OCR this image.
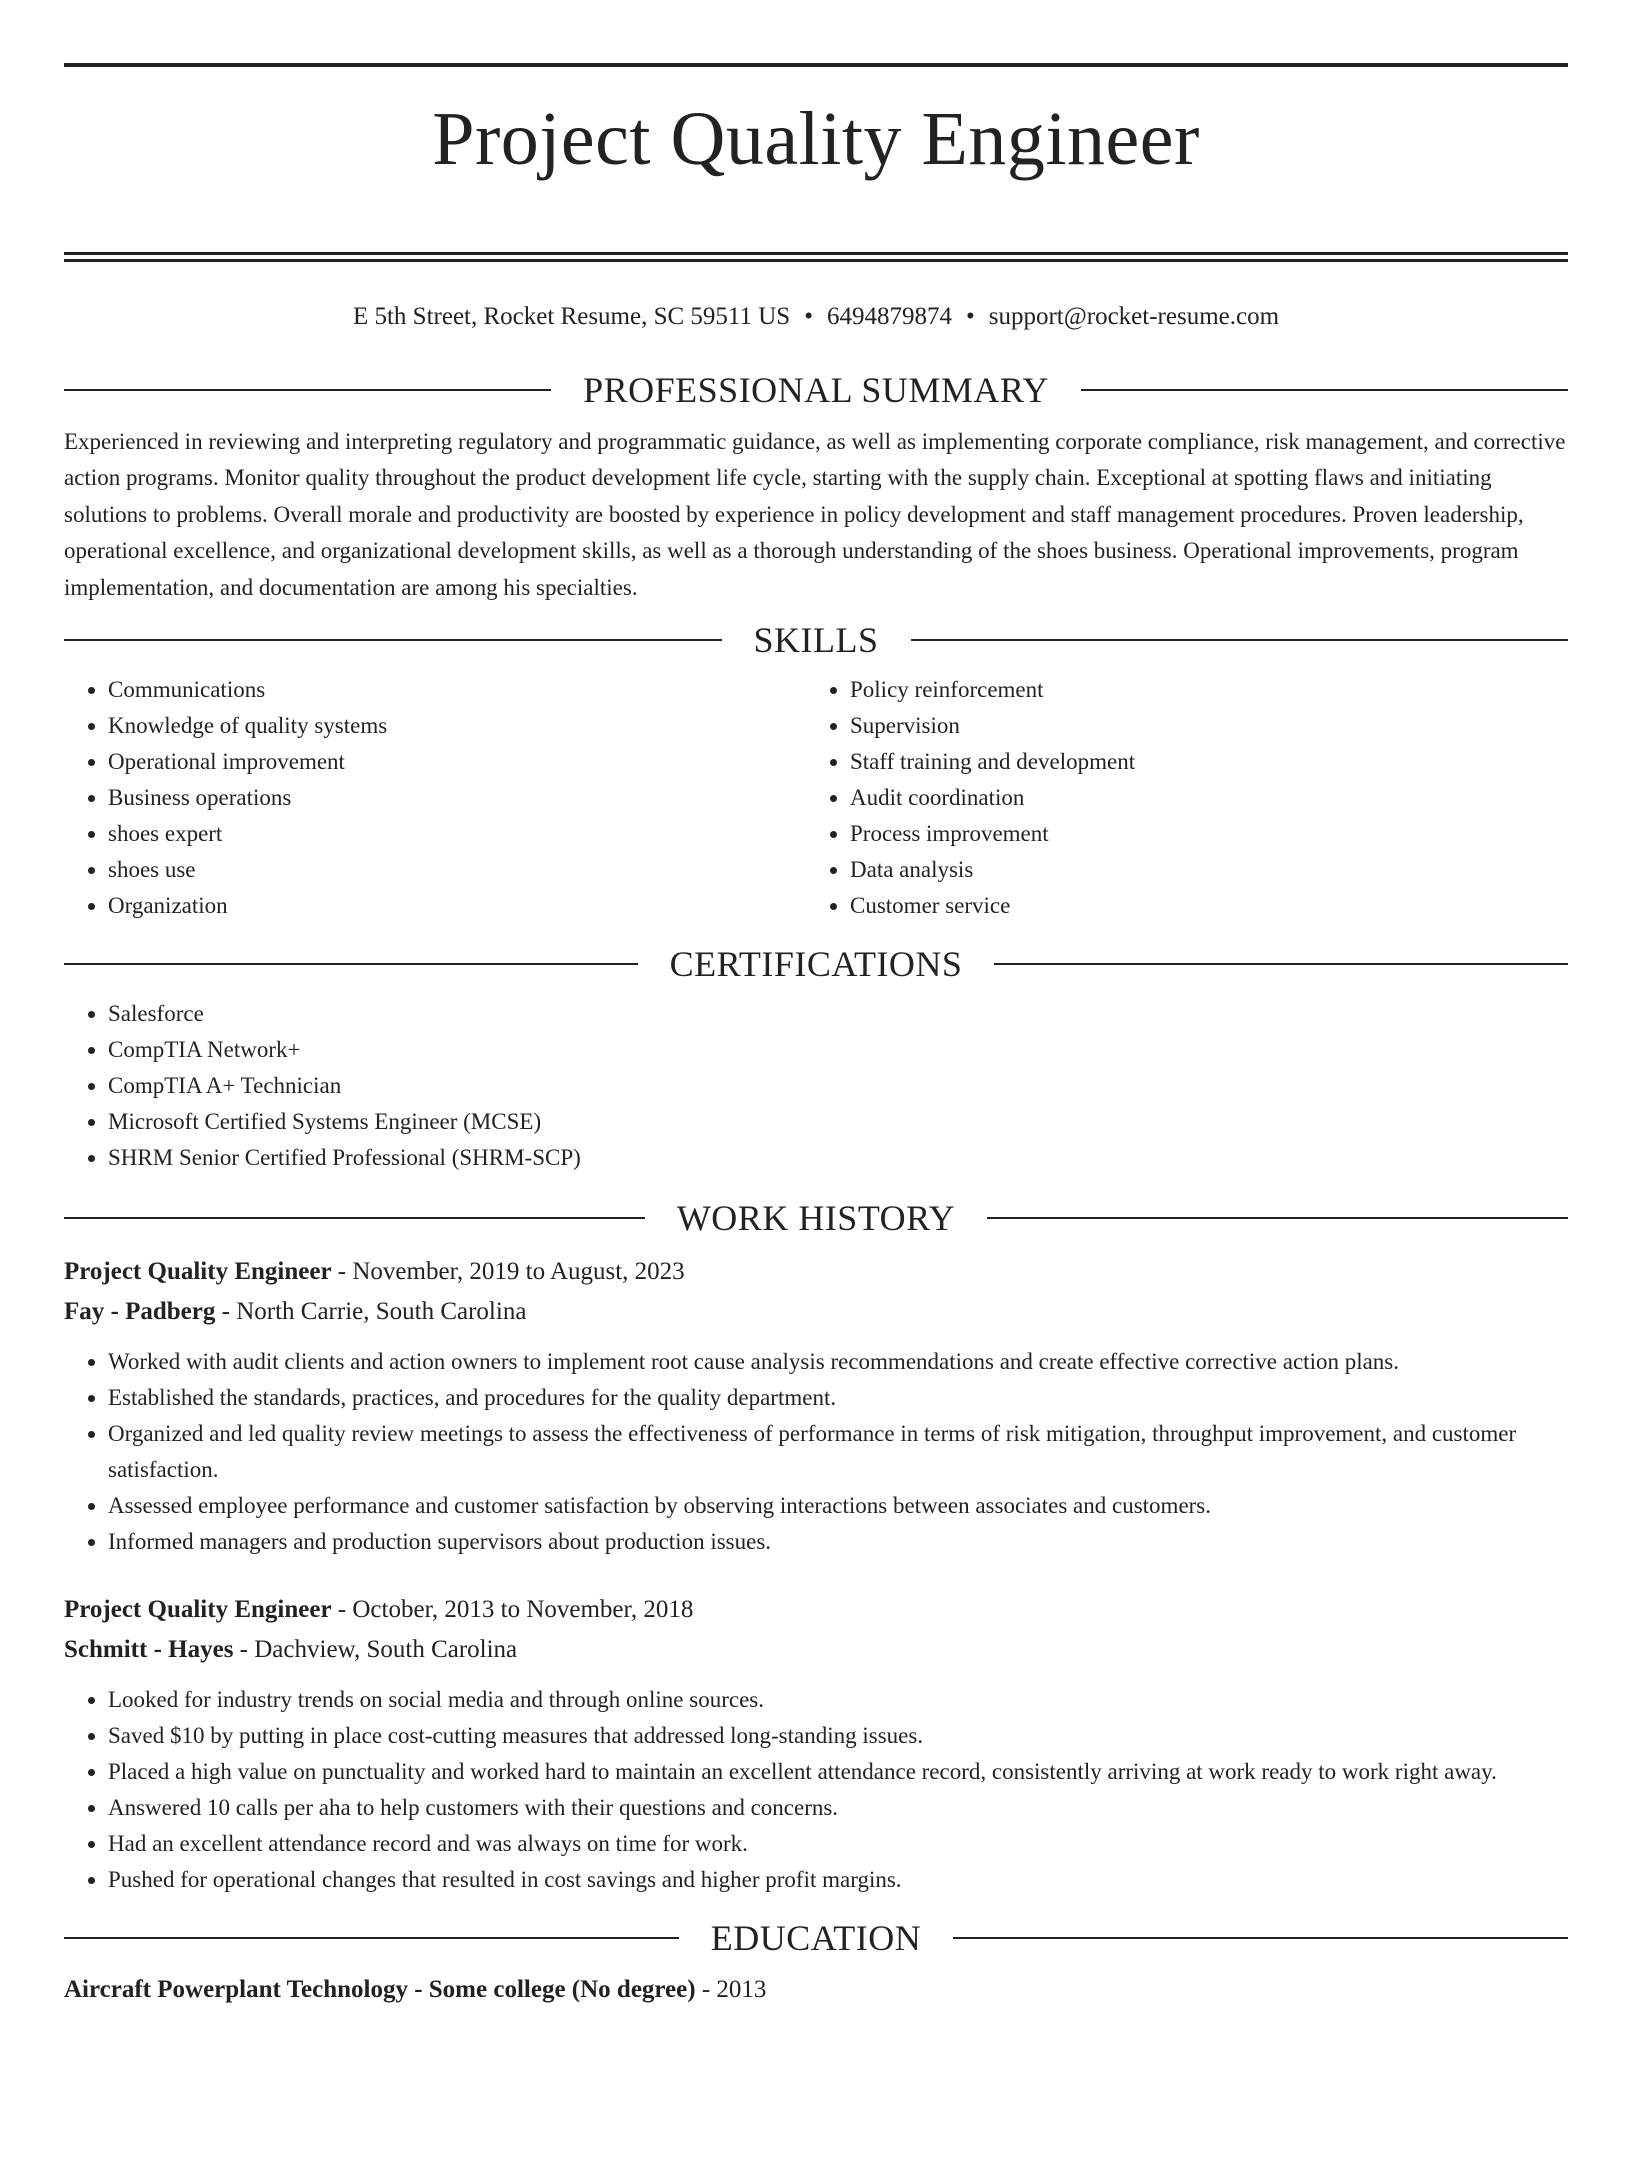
Project Quality Engineer
E 5th Street, Rocket Resume, SC 59511 US • 6494879874 • support@rocket-resume.com
PROFESSIONAL SUMMARY

Experienced in reviewing and interpreting regulatory and programmatic guidance, as well as implementing corporate compliance, risk management, and corrective action programs. Monitor quality throughout the product development life cycle, starting with the supply chain. Exceptional at spotting flaws and initiating solutions to problems. Overall morale and productivity are boosted by experience in policy development and staff management procedures. Proven leadership, operational excellence, and organizational development skills, as well as a thorough understanding of the shoes business. Operational improvements, program implementation, and documentation are among his specialties.

SKILLS
• Communications
• Knowledge of quality systems
• Operational improvement
• Business operations
• shoes expert
• shoes use
• Organization
• Policy reinforcement
• Supervision
• Staff training and development
• Audit coordination
• Process improvement
• Data analysis
• Customer service
CERTIFICATIONS
• Salesforce
• CompTIA Network+
• CompTIA A+ Technician
• Microsoft Certified Systems Engineer (MCSE)
• SHRM Senior Certified Professional (SHRM-SCP)
WORK HISTORY
Project Quality Engineer - November, 2019 to August, 2023
Fay - Padberg - North Carrie, South Carolina
• Worked with audit clients and action owners to implement root cause analysis recommendations and create effective corrective action plans.
• Established the standards, practices, and procedures for the quality department.
• Organized and led quality review meetings to assess the effectiveness of performance in terms of risk mitigation, throughput improvement, and customer satisfaction.
• Assessed employee performance and customer satisfaction by observing interactions between associates and customers.
• Informed managers and production supervisors about production issues.
Project Quality Engineer - October, 2013 to November, 2018
Schmitt - Hayes - Dachview, South Carolina
• Looked for industry trends on social media and through online sources.
• Saved $10 by putting in place cost-cutting measures that addressed long-standing issues.
• Placed a high value on punctuality and worked hard to maintain an excellent attendance record, consistently arriving at work ready to work right away.
• Answered 10 calls per aha to help customers with their questions and concerns.
• Had an excellent attendance record and was always on time for work.
• Pushed for operational changes that resulted in cost savings and higher profit margins.
EDUCATION
Aircraft Powerplant Technology - Some college (No degree) - 2013
